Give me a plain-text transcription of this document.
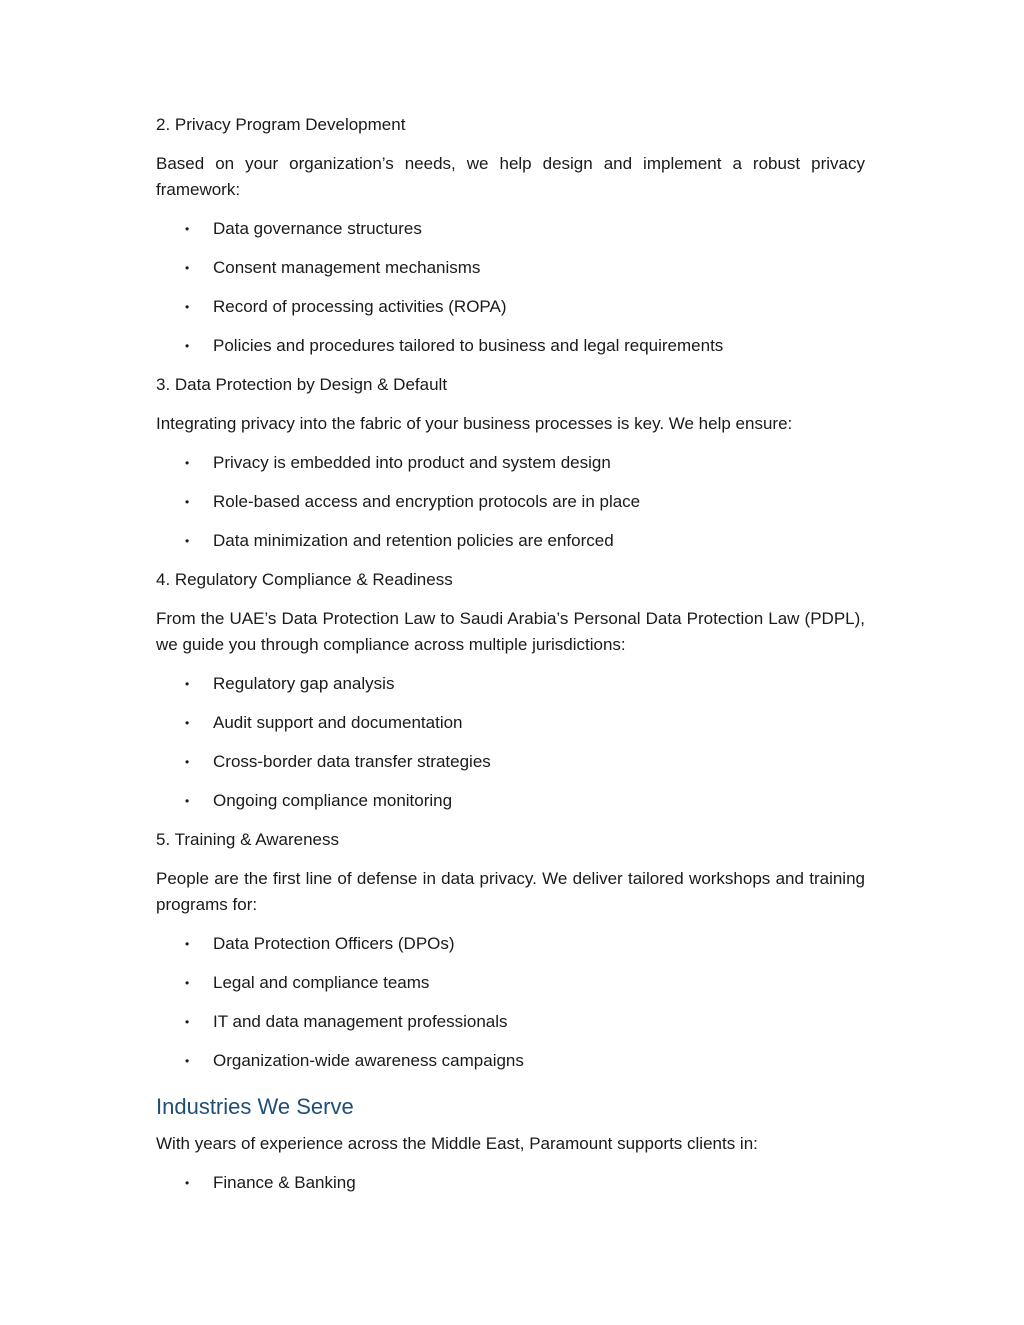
2. Privacy Program Development
Based on your organization’s needs, we help design and implement a robust privacy framework:
• Data governance structures
• Consent management mechanisms
• Record of processing activities (ROPA)
• Policies and procedures tailored to business and legal requirements
3. Data Protection by Design & Default
Integrating privacy into the fabric of your business processes is key. We help ensure:
• Privacy is embedded into product and system design
• Role-based access and encryption protocols are in place
• Data minimization and retention policies are enforced
4. Regulatory Compliance & Readiness
From the UAE’s Data Protection Law to Saudi Arabia’s Personal Data Protection Law (PDPL), we guide you through compliance across multiple jurisdictions:
• Regulatory gap analysis
• Audit support and documentation
• Cross-border data transfer strategies
• Ongoing compliance monitoring
5. Training & Awareness
People are the first line of defense in data privacy. We deliver tailored workshops and training programs for:
• Data Protection Officers (DPOs)
• Legal and compliance teams
• IT and data management professionals
• Organization-wide awareness campaigns
Industries We Serve
With years of experience across the Middle East, Paramount supports clients in:
• Finance & Banking
